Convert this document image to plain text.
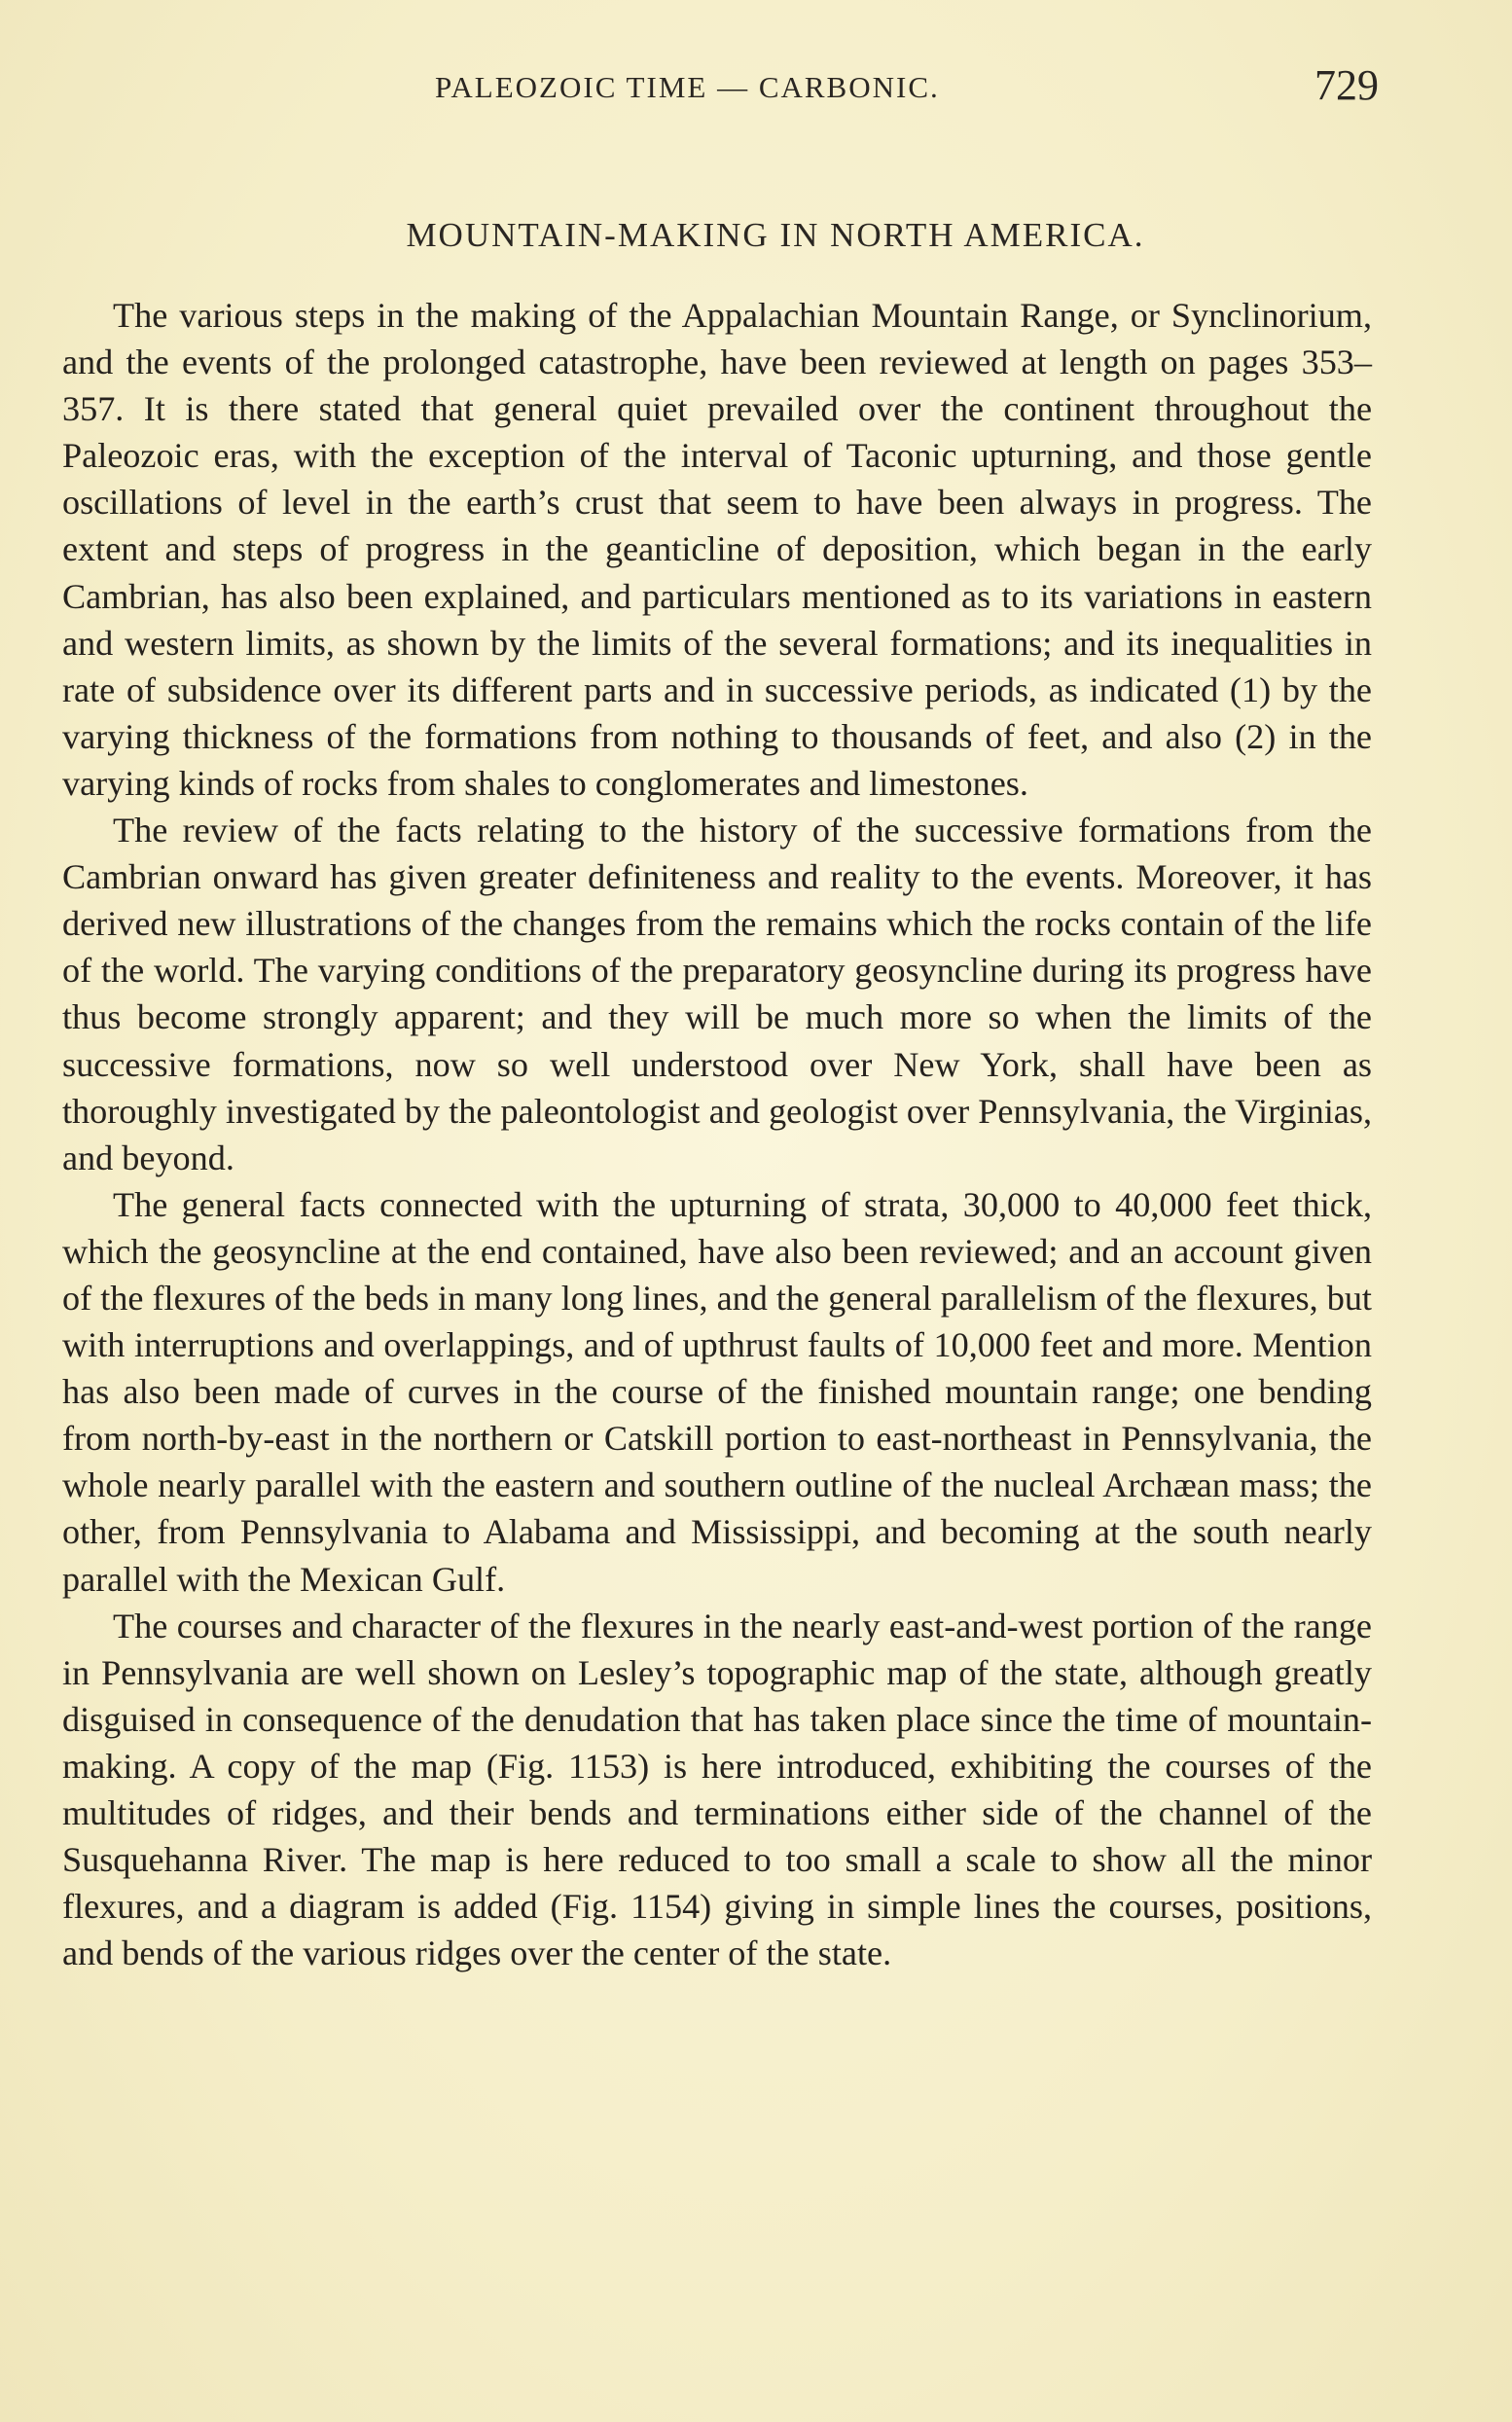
PALEOZOIC TIME — CARBONIC.	729
MOUNTAIN-MAKING IN NORTH AMERICA.

The various steps in the making of the Appalachian Mountain Range, or Synclinorium, and the events of the prolonged catastrophe, have been reviewed at length on pages 353–357. It is there stated that general quiet prevailed over the continent throughout the Paleozoic eras, with the exception of the interval of Taconic upturning, and those gentle oscillations of level in the earth’s crust that seem to have been always in progress. The extent and steps of progress in the geanticline of deposition, which began in the early Cambrian, has also been explained, and particulars mentioned as to its variations in eastern and western limits, as shown by the limits of the several formations; and its inequalities in rate of subsidence over its different parts and in successive periods, as indicated (1) by the varying thickness of the formations from nothing to thousands of feet, and also (2) in the varying kinds of rocks from shales to conglomerates and limestones.

The review of the facts relating to the history of the successive formations from the Cambrian onward has given greater definiteness and reality to the events. Moreover, it has derived new illustrations of the changes from the remains which the rocks contain of the life of the world. The varying conditions of the preparatory geosyncline during its progress have thus become strongly apparent; and they will be much more so when the limits of the successive formations, now so well understood over New York, shall have been as thoroughly investigated by the paleontologist and geologist over Pennsylvania, the Virginias, and beyond.

The general facts connected with the upturning of strata, 30,000 to 40,000 feet thick, which the geosyncline at the end contained, have also been reviewed; and an account given of the flexures of the beds in many long lines, and the general parallelism of the flexures, but with interruptions and overlappings, and of upthrust faults of 10,000 feet and more. Mention has also been made of curves in the course of the finished mountain range; one bending from north-by-east in the northern or Catskill portion to east-northeast in Pennsylvania, the whole nearly parallel with the eastern and southern outline of the nucleal Archæan mass; the other, from Pennsylvania to Alabama and Mississippi, and becoming at the south nearly parallel with the Mexican Gulf.

The courses and character of the flexures in the nearly east-and-west portion of the range in Pennsylvania are well shown on Lesley’s topographic map of the state, although greatly disguised in consequence of the denudation that has taken place since the time of mountain-making. A copy of the map (Fig. 1153) is here introduced, exhibiting the courses of the multitudes of ridges, and their bends and terminations either side of the channel of the Susquehanna River. The map is here reduced to too small a scale to show all the minor flexures, and a diagram is added (Fig. 1154) giving in simple lines the courses, positions, and bends of the various ridges over the center of the state.
